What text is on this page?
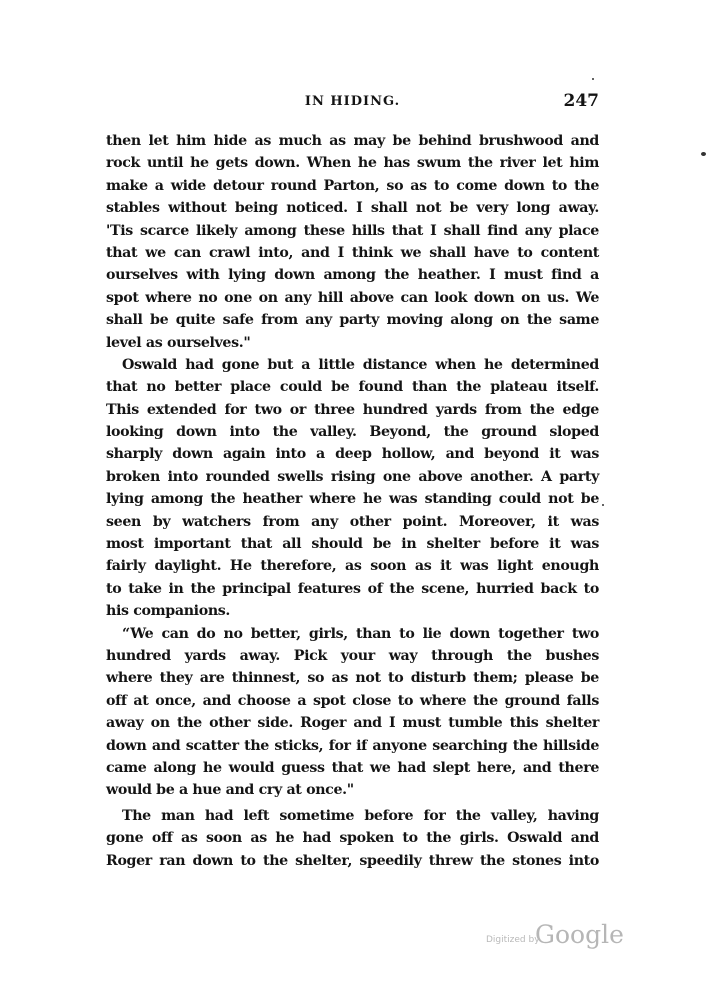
IN HIDING.	247
then let him hide as much as may be behind brushwood and
rock until he gets down. When he has swum the river let him
make a wide detour round Parton, so as to come down to the
stables without being noticed. I shall not be very long away.
'Tis scarce likely among these hills that I shall find any place
that we can crawl into, and I think we shall have to content
ourselves with lying down among the heather. I must find a
spot where no one on any hill above can look down on us. We
shall be quite safe from any party moving along on the same
level as ourselves."
Oswald had gone but a little distance when he determined
that no better place could be found than the plateau itself.
This extended for two or three hundred yards from the edge
looking down into the valley. Beyond, the ground sloped
sharply down again into a deep hollow, and beyond it was
broken into rounded swells rising one above another. A party
lying among the heather where he was standing could not be
seen by watchers from any other point. Moreover, it was
most important that all should be in shelter before it was
fairly daylight. He therefore, as soon as it was light enough
to take in the principal features of the scene, hurried back to
his companions.
“We can do no better, girls, than to lie down together two
hundred yards away. Pick your way through the bushes
where they are thinnest, so as not to disturb them; please be
off at once, and choose a spot close to where the ground falls
away on the other side. Roger and I must tumble this shelter
down and scatter the sticks, for if anyone searching the hillside
came along he would guess that we had slept here, and there
would be a hue and cry at once."
The man had left sometime before for the valley, having
gone off as soon as he had spoken to the girls. Oswald and
Roger ran down to the shelter, speedily threw the stones into
Digitized by
Google
